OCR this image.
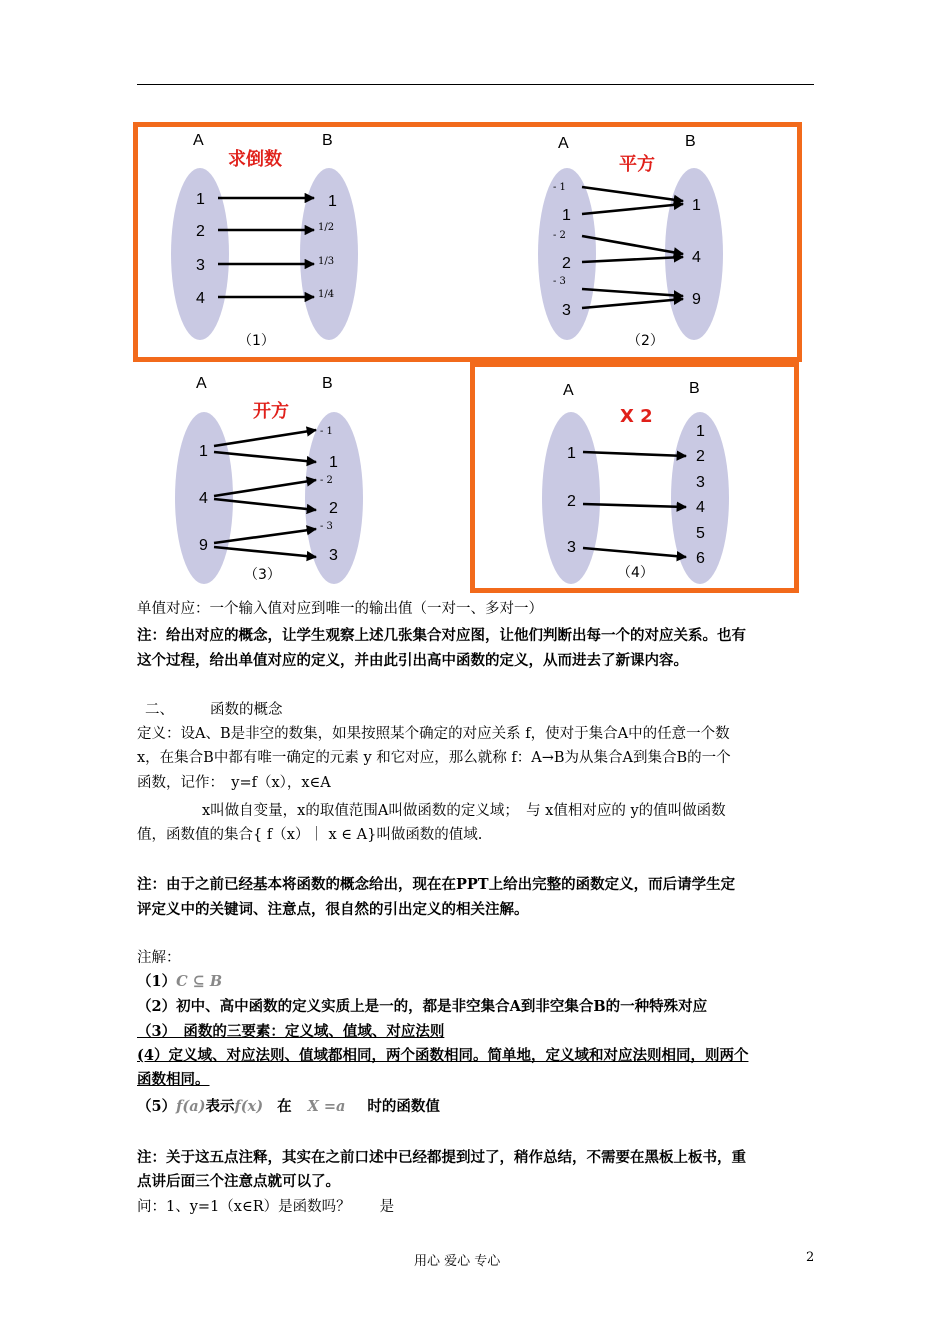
A	B
求倒数
1
2
3
4
1
1/2
1/3
1/4
（1）
A	B
平方
- 1
1
- 2
2
- 3
3
1
4
9
（2）
A	B
开方
1
4
9
- 1
1
- 2
2
- 3
3
（3）
A	B
X 2
1
2
3
1
2
3
4
5
6
（4）
单值对应：一个输入值对应到唯一的输出值（一对一、多对一）
注：给出对应的概念，让学生观察上述几张集合对应图，让他们判断出每一个的对应关系。也有
这个过程，给出单值对应的定义，并由此引出高中函数的定义，从而进去了新课内容。
二、 函数的概念
定义：设A、B是非空的数集，如果按照某个确定的对应关系 f，使对于集合A中的任意一个数
x，在集合B中都有唯一确定的元素 y 和它对应，那么就称 f：A→B为从集合A到集合B的一个
函数，记作：　y=f（x），x∈A
x叫做自变量，x的取值范围A叫做函数的定义域；　与 x值相对应的 y的值叫做函数
值，函数值的集合{ f（x）｜ x ∈ A}叫做函数的值域.
注：由于之前已经基本将函数的概念给出，现在在PPT上给出完整的函数定义，而后请学生定
评定义中的关键词、注意点，很自然的引出定义的相关注解。
注解：
（1）C ⊆ B
（2）初中、高中函数的定义实质上是一的，都是非空集合A到非空集合B的一种特殊对应
（3）　函数的三要素：定义域、值域、对应法则
(4）定义域、对应法则、值域都相同，两个函数相同。简单地，定义域和对应法则相同，则两个
函数相同。
（5）f(a)表示f(x) 在 X =a 时的函数值
注：关于这五点注释，其实在之前口述中已经都提到过了，稍作总结，不需要在黑板上板书，重
点讲后面三个注意点就可以了。
问：1、y=1（x∈R）是函数吗？　　是
用心 爱心 专心	2
